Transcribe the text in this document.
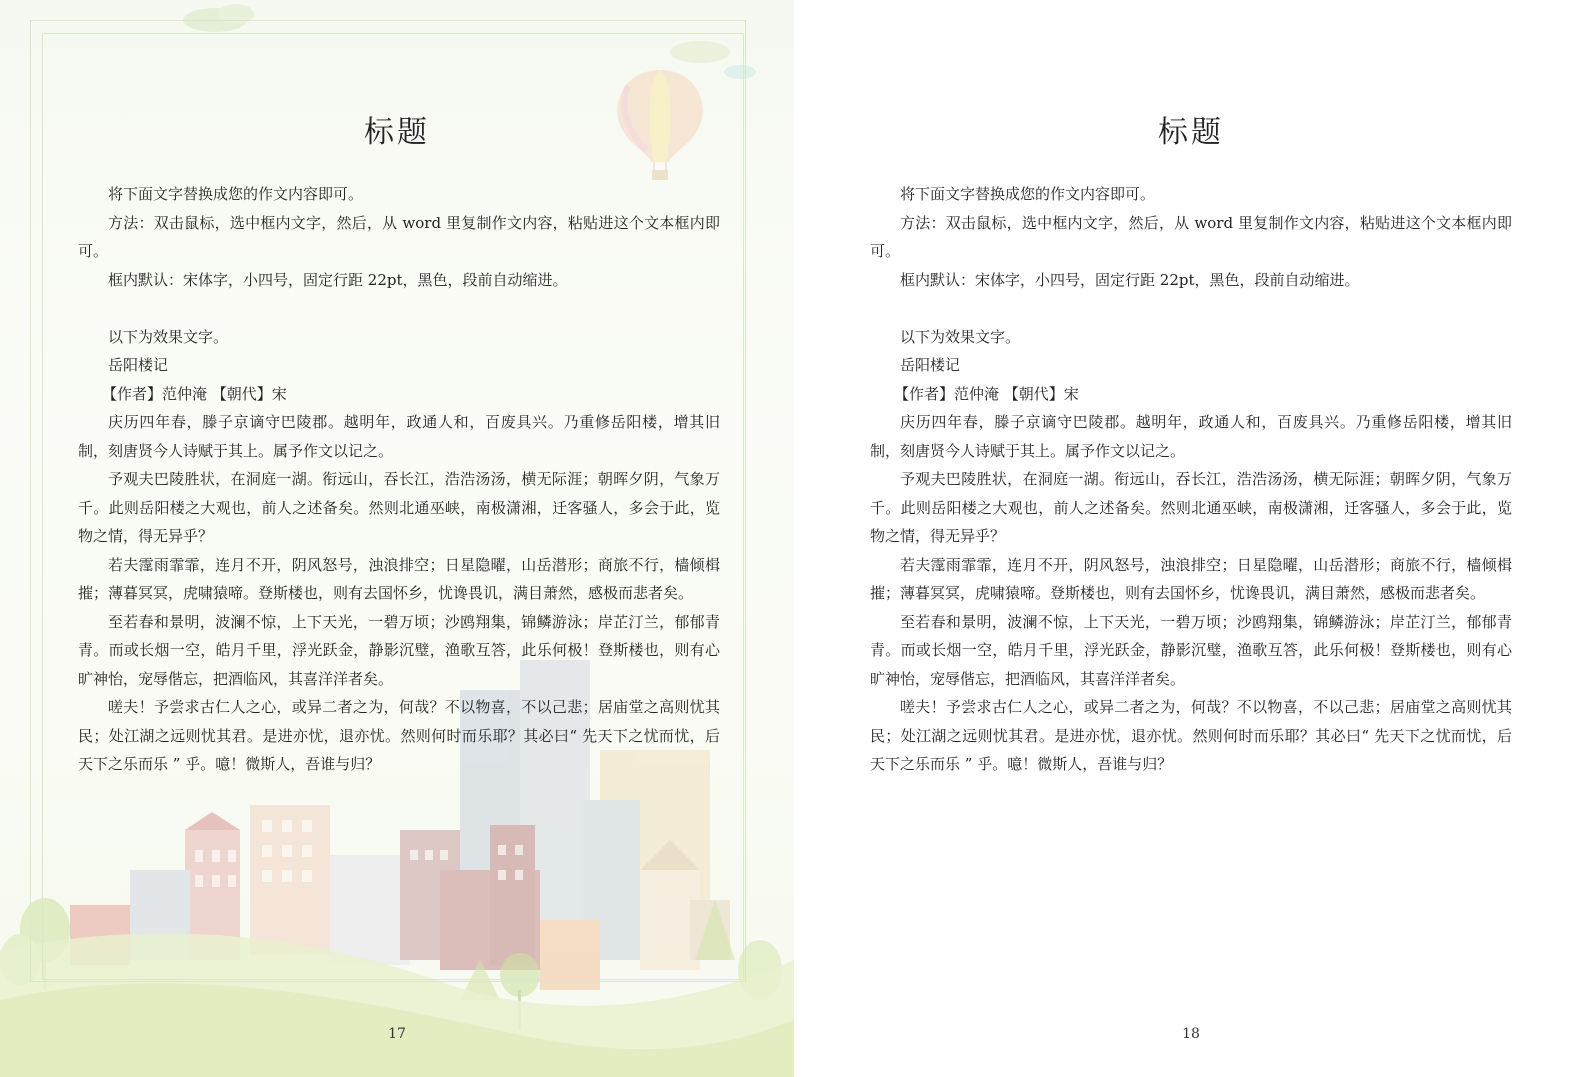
标题

将下面文字替换成您的作文内容即可。

方法：双击鼠标，选中框内文字，然后，从 word 里复制作文内容，粘贴进这个文本框内即可。

框内默认：宋体字，小四号，固定行距 22pt，黑色，段前自动缩进。

以下为效果文字。

岳阳楼记

【作者】范仲淹 【朝代】宋

庆历四年春，滕子京谪守巴陵郡。越明年，政通人和，百废具兴。乃重修岳阳楼，增其旧制，刻唐贤今人诗赋于其上。属予作文以记之。

予观夫巴陵胜状，在洞庭一湖。衔远山，吞长江，浩浩汤汤，横无际涯；朝晖夕阴，气象万千。此则岳阳楼之大观也，前人之述备矣。然则北通巫峡，南极潇湘，迁客骚人，多会于此，览物之情，得无异乎？

若夫霪雨霏霏，连月不开，阴风怒号，浊浪排空；日星隐曜，山岳潜形；商旅不行，樯倾楫摧；薄暮冥冥，虎啸猿啼。登斯楼也，则有去国怀乡，忧谗畏讥，满目萧然，感极而悲者矣。

至若春和景明，波澜不惊，上下天光，一碧万顷；沙鸥翔集，锦鳞游泳；岸芷汀兰，郁郁青青。而或长烟一空，皓月千里，浮光跃金，静影沉璧，渔歌互答，此乐何极！登斯楼也，则有心旷神怡，宠辱偕忘，把酒临风，其喜洋洋者矣。

嗟夫！予尝求古仁人之心，或异二者之为，何哉？不以物喜，不以己悲；居庙堂之高则忧其民；处江湖之远则忧其君。是进亦忧，退亦忧。然则何时而乐耶？其必曰“ 先天下之忧而忧，后天下之乐而乐 ” 乎。噫！微斯人，吾谁与归？

17
标题

将下面文字替换成您的作文内容即可。

方法：双击鼠标，选中框内文字，然后，从 word 里复制作文内容，粘贴进这个文本框内即可。

框内默认：宋体字，小四号，固定行距 22pt，黑色，段前自动缩进。

以下为效果文字。

岳阳楼记

【作者】范仲淹 【朝代】宋

庆历四年春，滕子京谪守巴陵郡。越明年，政通人和，百废具兴。乃重修岳阳楼，增其旧制，刻唐贤今人诗赋于其上。属予作文以记之。

予观夫巴陵胜状，在洞庭一湖。衔远山，吞长江，浩浩汤汤，横无际涯；朝晖夕阴，气象万千。此则岳阳楼之大观也，前人之述备矣。然则北通巫峡，南极潇湘，迁客骚人，多会于此，览物之情，得无异乎？

若夫霪雨霏霏，连月不开，阴风怒号，浊浪排空；日星隐曜，山岳潜形；商旅不行，樯倾楫摧；薄暮冥冥，虎啸猿啼。登斯楼也，则有去国怀乡，忧谗畏讥，满目萧然，感极而悲者矣。

至若春和景明，波澜不惊，上下天光，一碧万顷；沙鸥翔集，锦鳞游泳；岸芷汀兰，郁郁青青。而或长烟一空，皓月千里，浮光跃金，静影沉璧，渔歌互答，此乐何极！登斯楼也，则有心旷神怡，宠辱偕忘，把酒临风，其喜洋洋者矣。

嗟夫！予尝求古仁人之心，或异二者之为，何哉？不以物喜，不以己悲；居庙堂之高则忧其民；处江湖之远则忧其君。是进亦忧，退亦忧。然则何时而乐耶？其必曰“ 先天下之忧而忧，后天下之乐而乐 ” 乎。噫！微斯人，吾谁与归？

18
